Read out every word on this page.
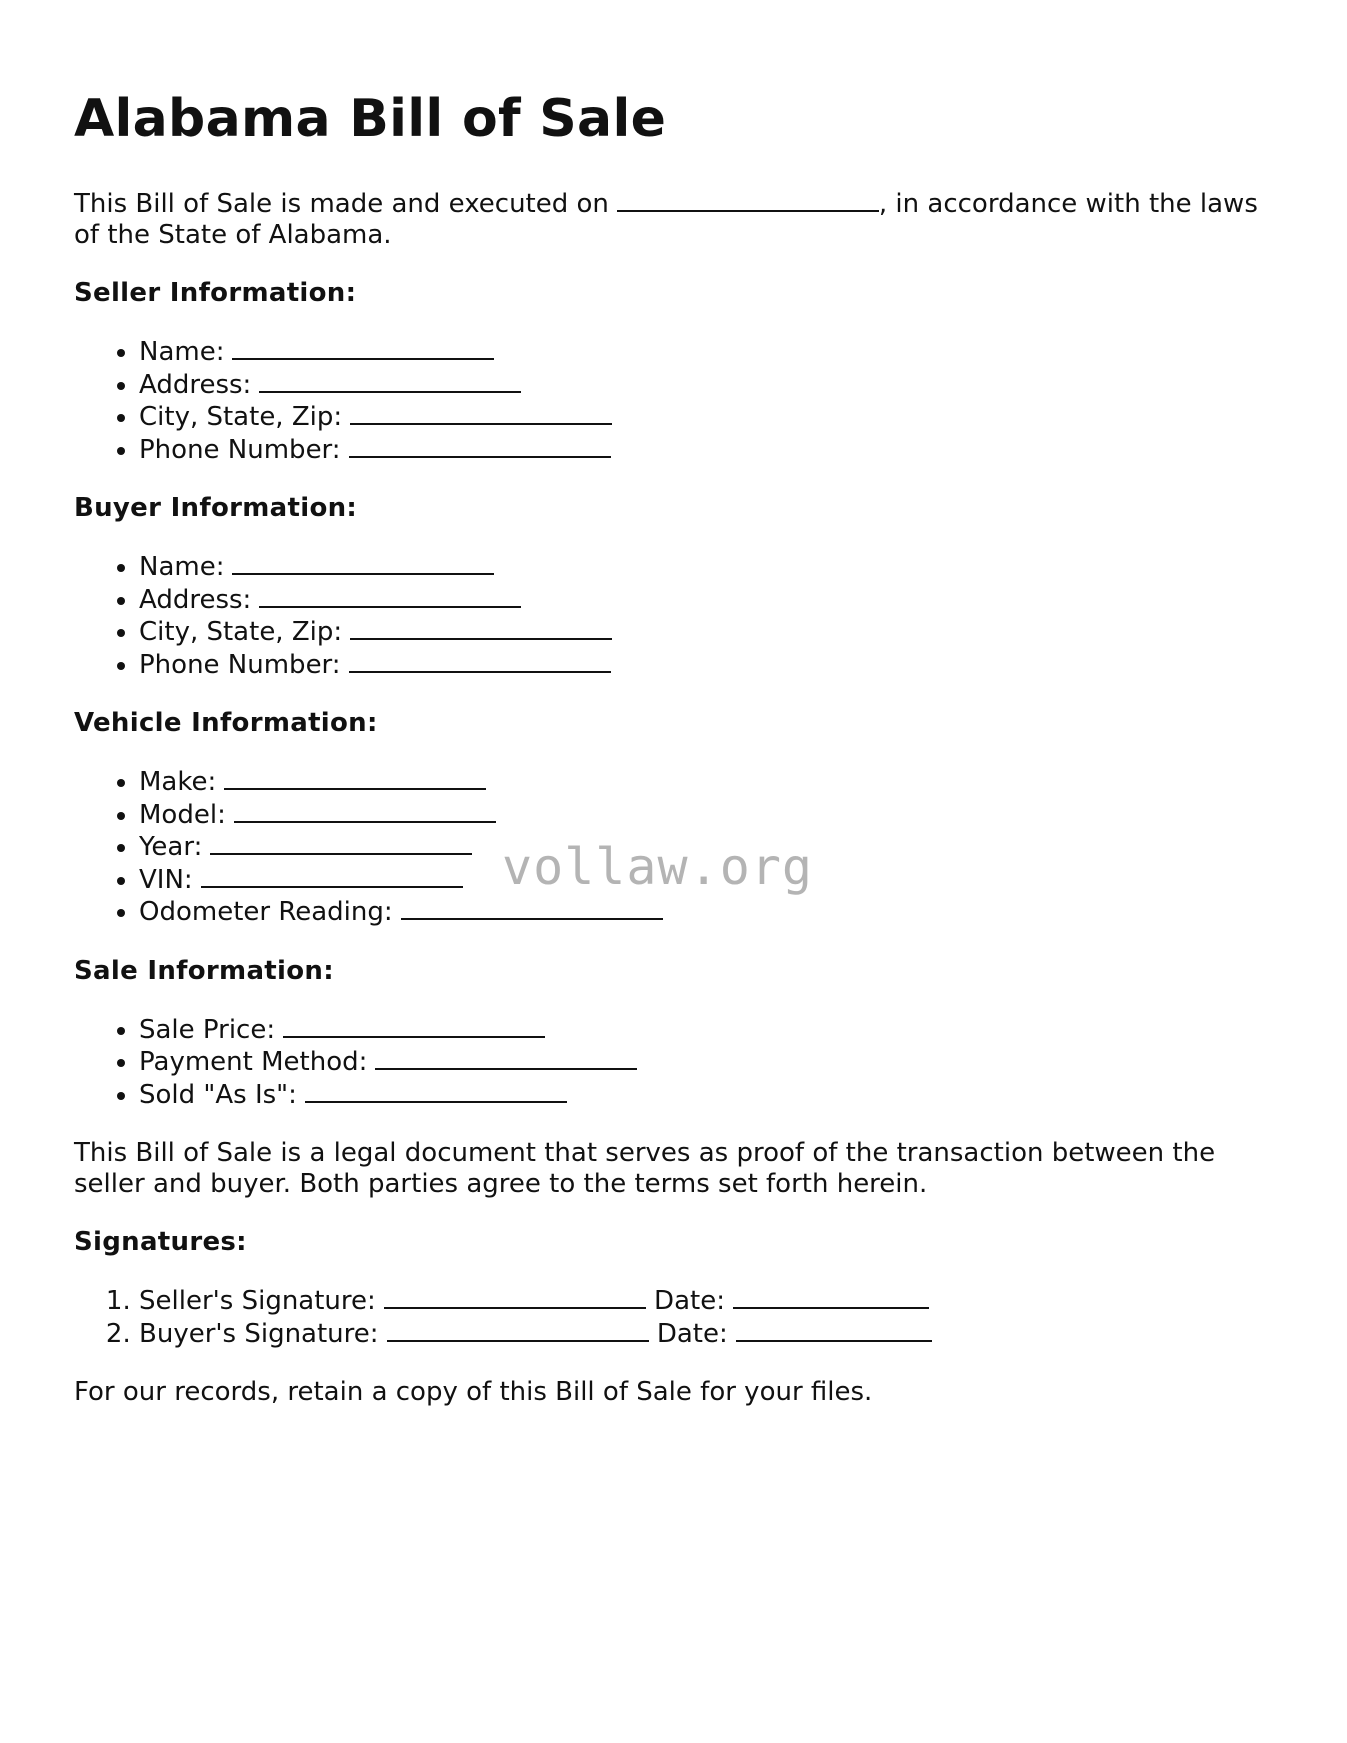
Alabama Bill of Sale

This Bill of Sale is made and executed on	, in accordance with the laws of the State of Alabama.

Seller Information:
• Name:
• Address:
• City, State, Zip:
• Phone Number:
Buyer Information:
• Name:
• Address:
• City, State, Zip:
• Phone Number:
Vehicle Information:
• Make:
• Model:
• Year:
• VIN:
• Odometer Reading:
Sale Information:
• Sale Price:
• Payment Method:
• Sold "As Is":

This Bill of Sale is a legal document that serves as proof of the transaction between the seller and buyer. Both parties agree to the terms set forth herein.

Signatures:
1. Seller's Signature:	Date:
2. Buyer's Signature:	Date:

For our records, retain a copy of this Bill of Sale for your files.

vollaw.org
